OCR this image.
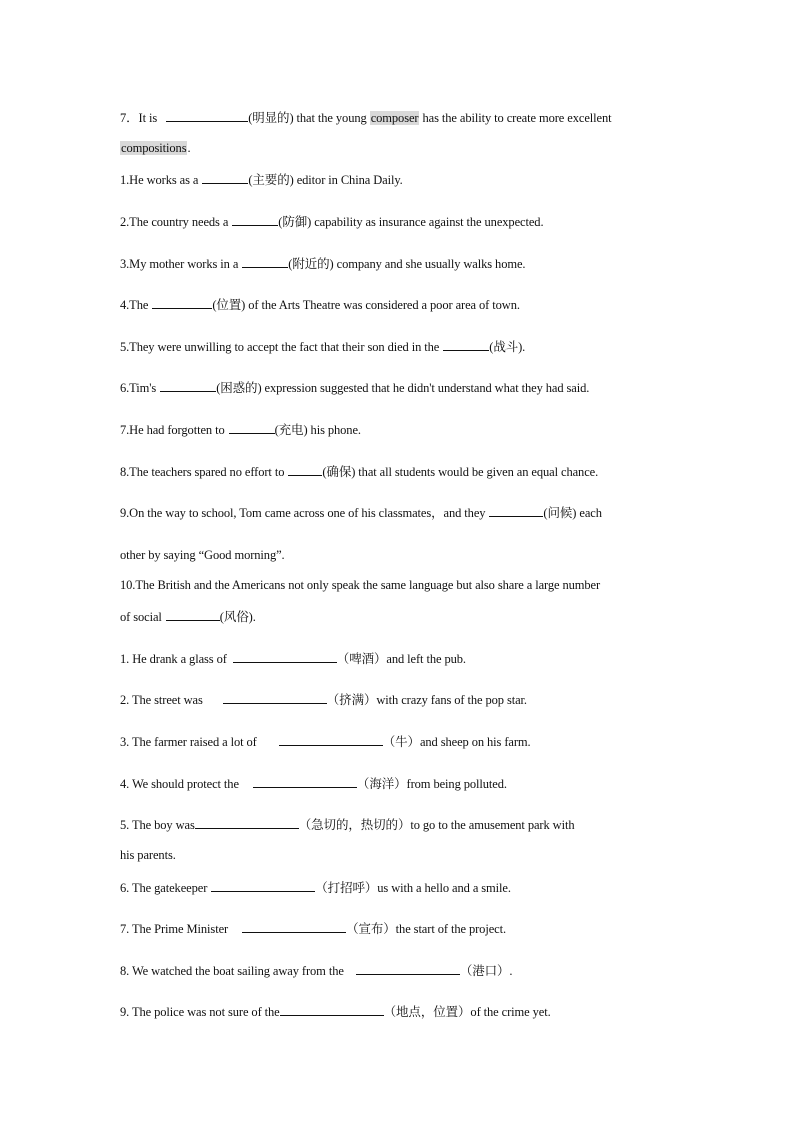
7．It is	(明显的) that the young composer has the ability to create more excellent
compositions.
1.He works as a	(主要的) editor in China Daily.
2.The country needs a	(防御) capability as insurance against the unexpected.
3.My mother works in a	(附近的) company and she usually walks home.
4.The	(位置) of the Arts Theatre was considered a poor area of town.
5.They were unwilling to accept the fact that their son died in the	(战斗).
6.Tim's	(困惑的) expression suggested that he didn't understand what they had said.
7.He had forgotten to	(充电) his phone.
8.The teachers spared no effort to	(确保) that all students would be given an equal chance.
9.On the way to school, Tom came across one of his classmates，and they	(问候) each
other by saying “Good morning”.
10.The British and the Americans not only speak the same language but also share a large number
of social	(风俗).
1. He drank a glass of	（啤酒）and left the pub.
2. The street was	（挤满）with crazy fans of the pop star.
3. The farmer raised a lot of	（牛）and sheep on his farm.
4. We should protect the	（海洋）from being polluted.
5. The boy was	（急切的，热切的）to go to the amusement park with
his parents.
6. The gatekeeper	（打招呼）us with a hello and a smile.
7. The Prime Minister	（宣布）the start of the project.
8. We watched the boat sailing away from the	（港口）.
9. The police was not sure of the	（地点，位置）of the crime yet.
